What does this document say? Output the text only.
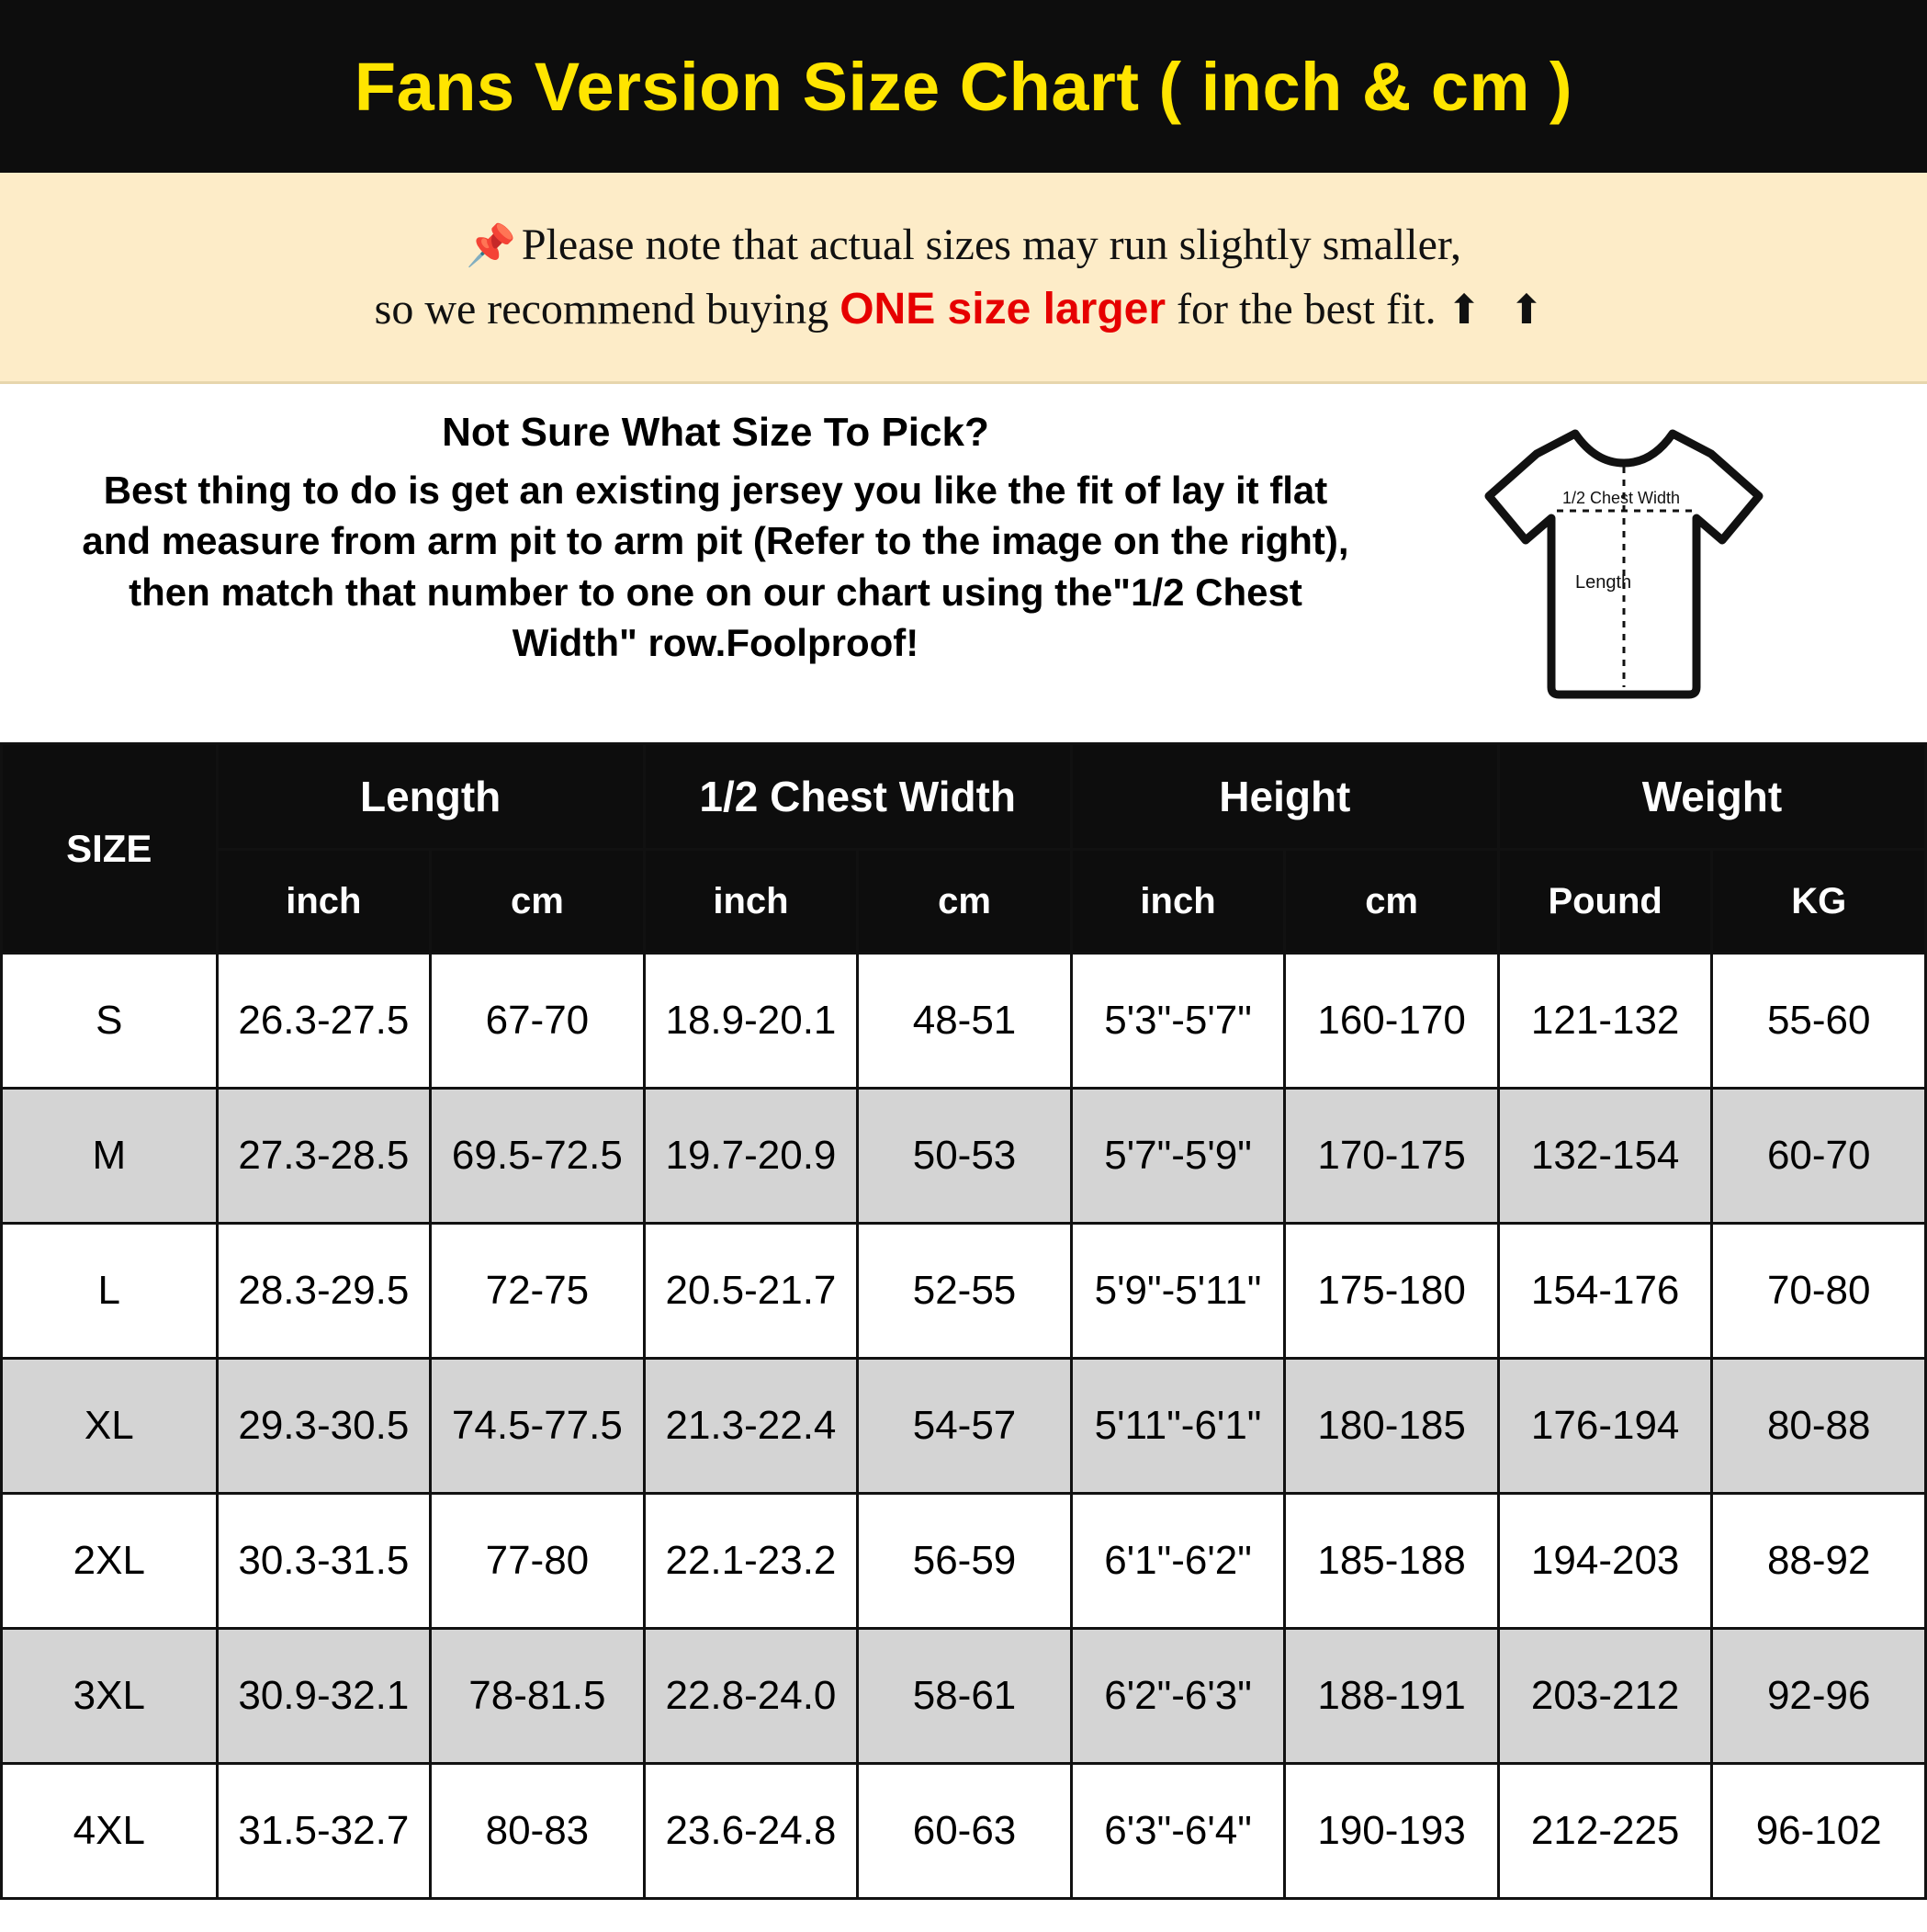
Fans Version Size Chart ( inch & cm )
📌 Please note that actual sizes may run slightly smaller,
so we recommend buying ONE size larger for the best fit. ⬆ ⬆
Not Sure What Size To Pick?
Best thing to do is get an existing jersey you like the fit of lay it flat
and measure from arm pit to arm pit (Refer to the image on the right),
then match that number to one on our chart using the"1/2 Chest
Width" row.Foolproof!
1/2 Chest Width
Length
SIZE	Length		1/2 Chest Width		Height		Weight	
	inch	cm	inch	cm	inch	cm	Pound	KG
S	26.3-27.5	67-70	18.9-20.1	48-51	5'3"-5'7"	160-170	121-132	55-60
M	27.3-28.5	69.5-72.5	19.7-20.9	50-53	5'7"-5'9"	170-175	132-154	60-70
L	28.3-29.5	72-75	20.5-21.7	52-55	5'9"-5'11"	175-180	154-176	70-80
XL	29.3-30.5	74.5-77.5	21.3-22.4	54-57	5'11"-6'1"	180-185	176-194	80-88
2XL	30.3-31.5	77-80	22.1-23.2	56-59	6'1"-6'2"	185-188	194-203	88-92
3XL	30.9-32.1	78-81.5	22.8-24.0	58-61	6'2"-6'3"	188-191	203-212	92-96
4XL	31.5-32.7	80-83	23.6-24.8	60-63	6'3"-6'4"	190-193	212-225	96-102
